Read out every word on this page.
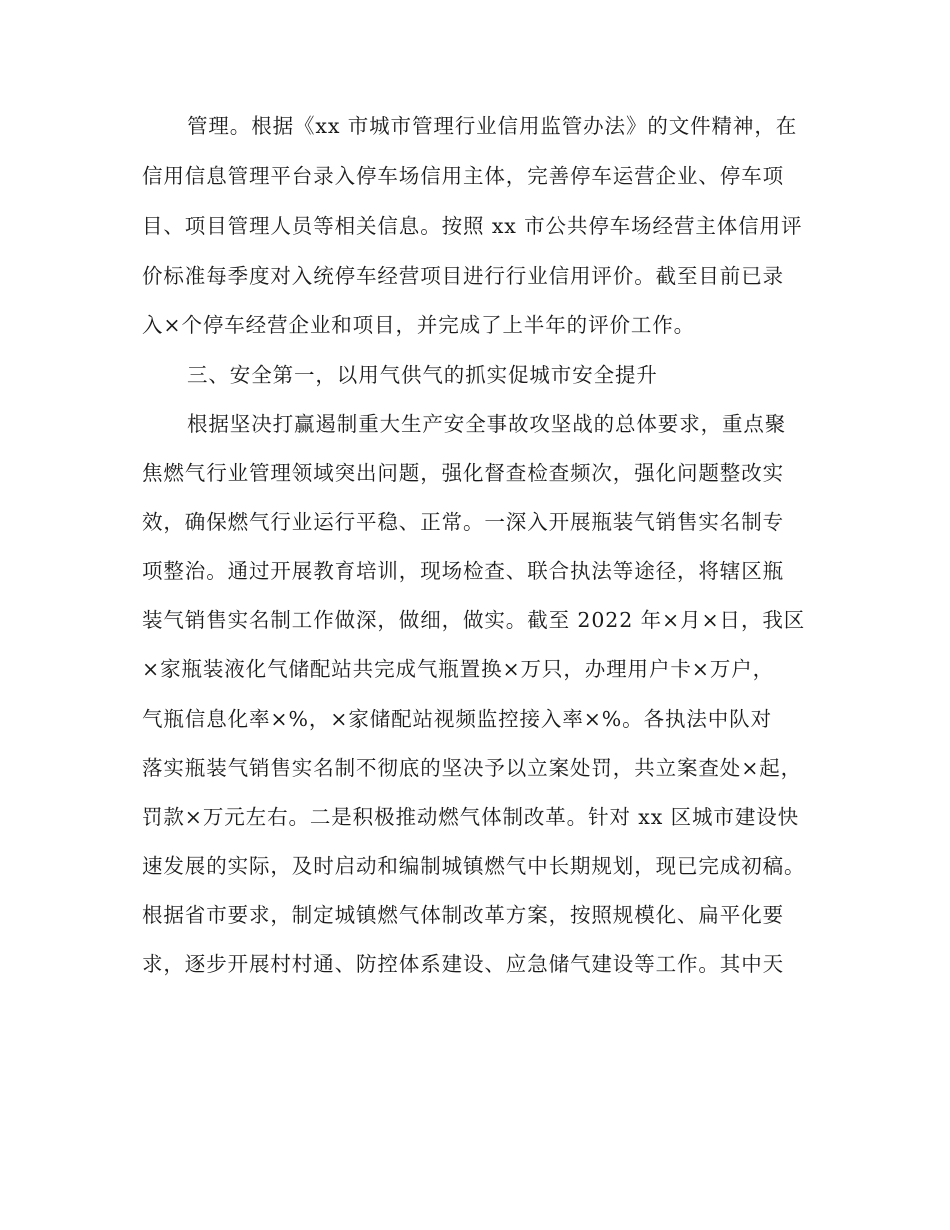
管理。根据《xx 市城市管理行业信用监管办法》的文件精神，在
信用信息管理平台录入停车场信用主体，完善停车运营企业、停车项
目、项目管理人员等相关信息。按照 xx 市公共停车场经营主体信用评
价标准每季度对入统停车经营项目进行行业信用评价。截至目前已录
入×个停车经营企业和项目，并完成了上半年的评价工作。
三、安全第一，以用气供气的抓实促城市安全提升
根据坚决打赢遏制重大生产安全事故攻坚战的总体要求，重点聚
焦燃气行业管理领域突出问题，强化督查检查频次，强化问题整改实
效，确保燃气行业运行平稳、正常。一深入开展瓶装气销售实名制专
项整治。通过开展教育培训，现场检查、联合执法等途径，将辖区瓶
装气销售实名制工作做深，做细，做实。截至 2022 年×月×日，我区
×家瓶装液化气储配站共完成气瓶置换×万只，办理用户卡×万户，
气瓶信息化率×%，×家储配站视频监控接入率×%。各执法中队对
落实瓶装气销售实名制不彻底的坚决予以立案处罚，共立案查处×起，
罚款×万元左右。二是积极推动燃气体制改革。针对 xx 区城市建设快
速发展的实际，及时启动和编制城镇燃气中长期规划，现已完成初稿。
根据省市要求，制定城镇燃气体制改革方案，按照规模化、扁平化要
求，逐步开展村村通、防控体系建设、应急储气建设等工作。其中天
